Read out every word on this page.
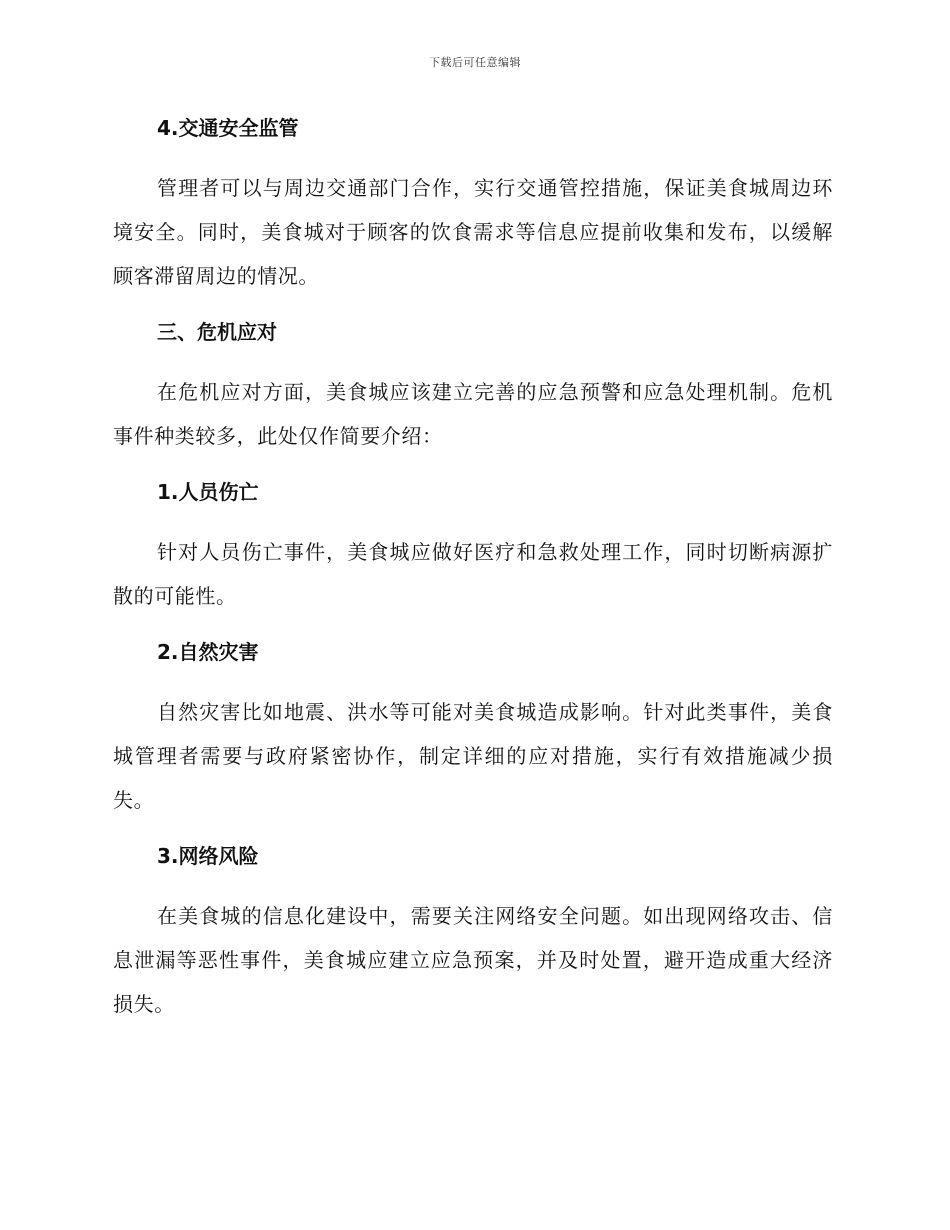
下载后可任意编辑
4.交通安全监管

管理者可以与周边交通部门合作，实行交通管控措施，保证美食城周边环境安全。同时，美食城对于顾客的饮食需求等信息应提前收集和发布，以缓解顾客滞留周边的情况。

三、危机应对

在危机应对方面，美食城应该建立完善的应急预警和应急处理机制。危机事件种类较多，此处仅作简要介绍：

1.人员伤亡

针对人员伤亡事件，美食城应做好医疗和急救处理工作，同时切断病源扩散的可能性。

2.自然灾害

自然灾害比如地震、洪水等可能对美食城造成影响。针对此类事件，美食城管理者需要与政府紧密协作，制定详细的应对措施，实行有效措施减少损失。

3.网络风险

在美食城的信息化建设中，需要关注网络安全问题。如出现网络攻击、信息泄漏等恶性事件，美食城应建立应急预案，并及时处置，避开造成重大经济损失。
